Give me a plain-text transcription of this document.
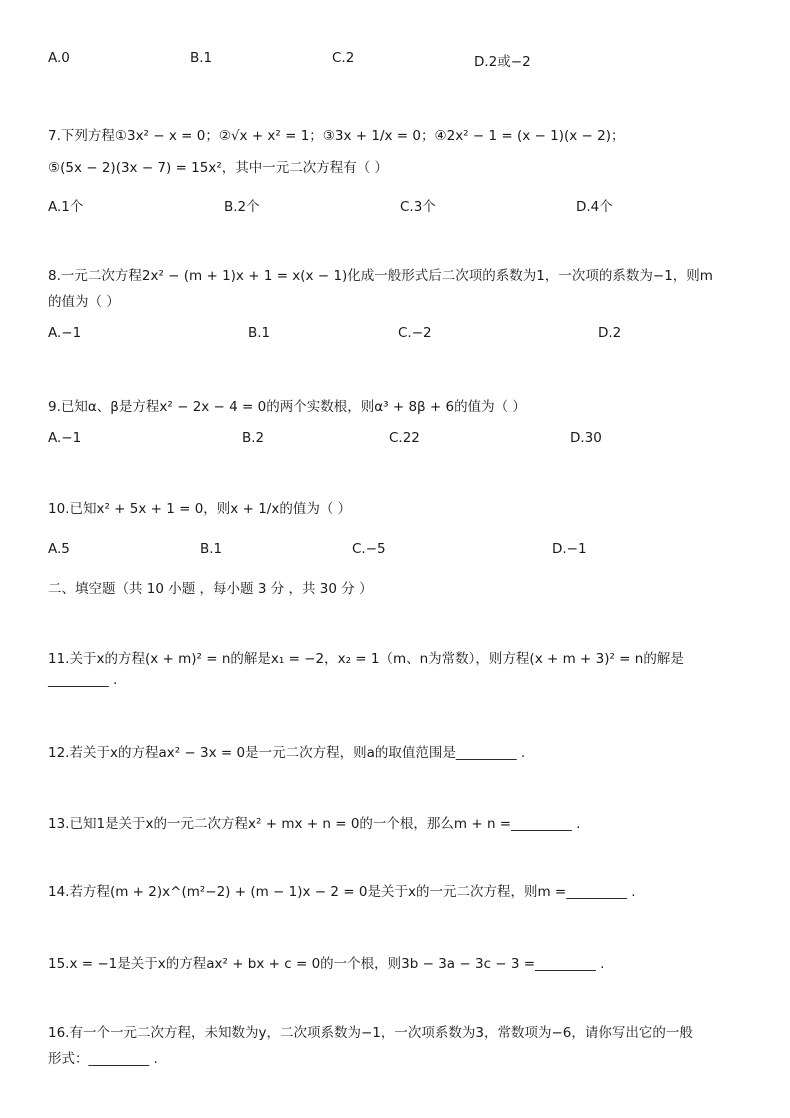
A.0	B.1	C.2	D.2或−2
7.下列方程①3x² − x = 0；②√x + x² = 1；③3x + 1/x = 0；④2x² − 1 = (x − 1)(x − 2)；
⑤(5x − 2)(3x − 7) = 15x²，其中一元二次方程有（ ）
A.1个	B.2个	C.3个	D.4个
8.一元二次方程2x² − (m + 1)x + 1 = x(x − 1)化成一般形式后二次项的系数为1，一次项的系数为−1，则m
的值为（ ）
A.−1	B.1	C.−2	D.2
9.已知α、β是方程x² − 2x − 4 = 0的两个实数根，则α³ + 8β + 6的值为（ ）
A.−1	B.2	C.22	D.30
10.已知x² + 5x + 1 = 0，则x + 1/x的值为（ ）
A.5	B.1	C.−5	D.−1
二、填空题（共 10 小题 ，每小题 3 分 ，共 30 分 ）
11.关于x的方程(x + m)² = n的解是x₁ = −2，x₂ = 1（m、n为常数），则方程(x + m + 3)² = n的解是
_________ .
12.若关于x的方程ax² − 3x = 0是一元二次方程，则a的取值范围是_________ .
13.已知1是关于x的一元二次方程x² + mx + n = 0的一个根，那么m + n =_________ .
14.若方程(m + 2)x^(m²−2) + (m − 1)x − 2 = 0是关于x的一元二次方程，则m =_________ .
15.x = −1是关于x的方程ax² + bx + c = 0的一个根，则3b − 3a − 3c − 3 =_________ .
16.有一个一元二次方程，未知数为y，二次项系数为−1，一次项系数为3，常数项为−6，请你写出它的一般
形式：_________ .
